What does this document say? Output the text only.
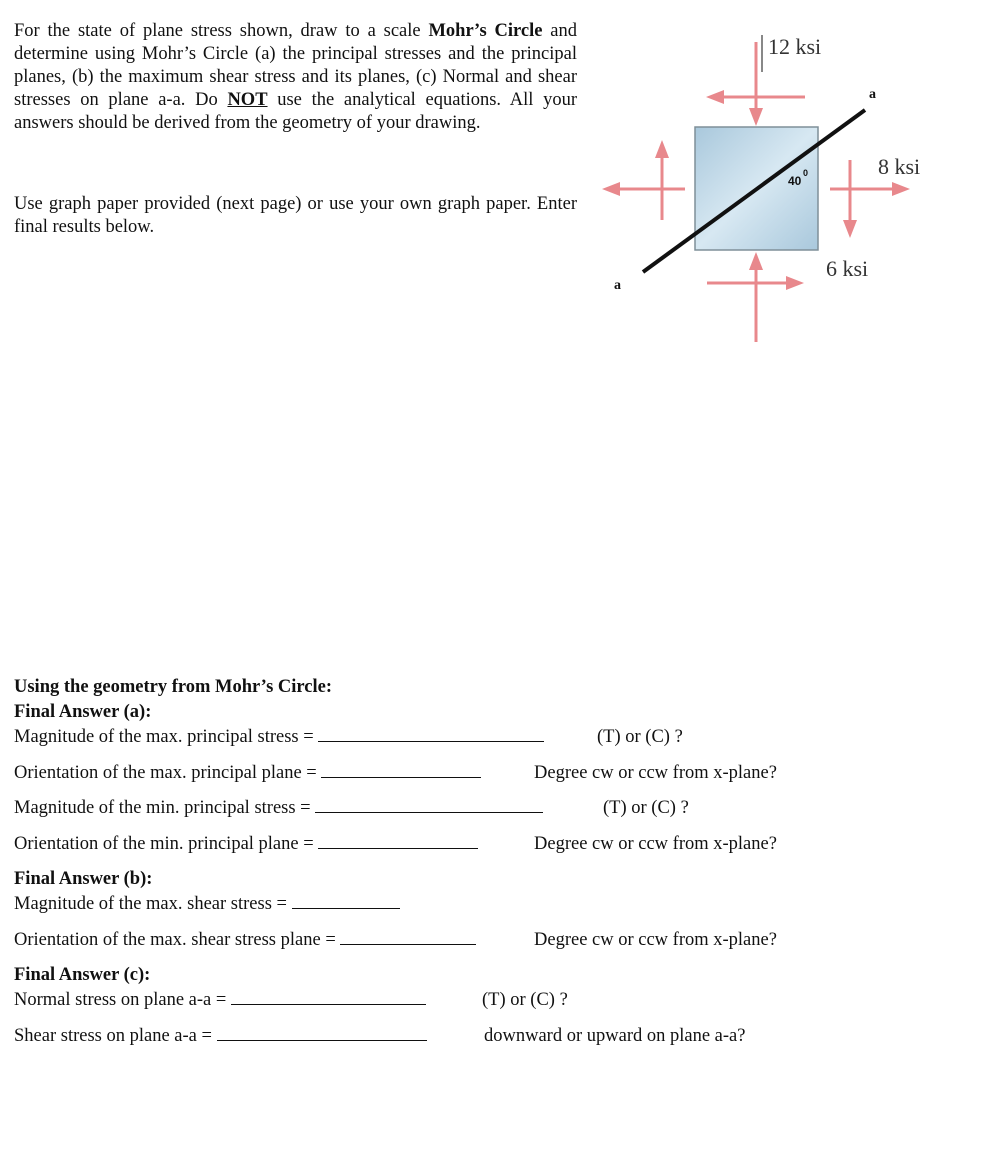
For the state of plane stress shown, draw to a scale Mohr’s Circle and determine using Mohr’s Circle (a) the principal stresses and the principal planes, (b) the maximum shear stress and its planes, (c) Normal and shear stresses on plane a-a. Do NOT use the analytical equations. All your answers should be derived from the geometry of your drawing.

Use graph paper provided (next page) or use your own graph paper. Enter final results below.

12 ksi
8 ksi
6 ksi
a
a
40
0
Using the geometry from Mohr’s Circle:
Final Answer (a):
Magnitude of the max. principal stress =	(T) or (C) ?
Orientation of the max. principal plane =	Degree cw or ccw from x-plane?
Magnitude of the min. principal stress =	(T) or (C) ?
Orientation of the min. principal plane =	Degree cw or ccw from x-plane?
Final Answer (b):
Magnitude of the max. shear stress =
Orientation of the max. shear stress plane =	Degree cw or ccw from x-plane?
Final Answer (c):
Normal stress on plane a-a =	(T) or (C) ?
Shear stress on plane a-a =	downward or upward on plane a-a?
